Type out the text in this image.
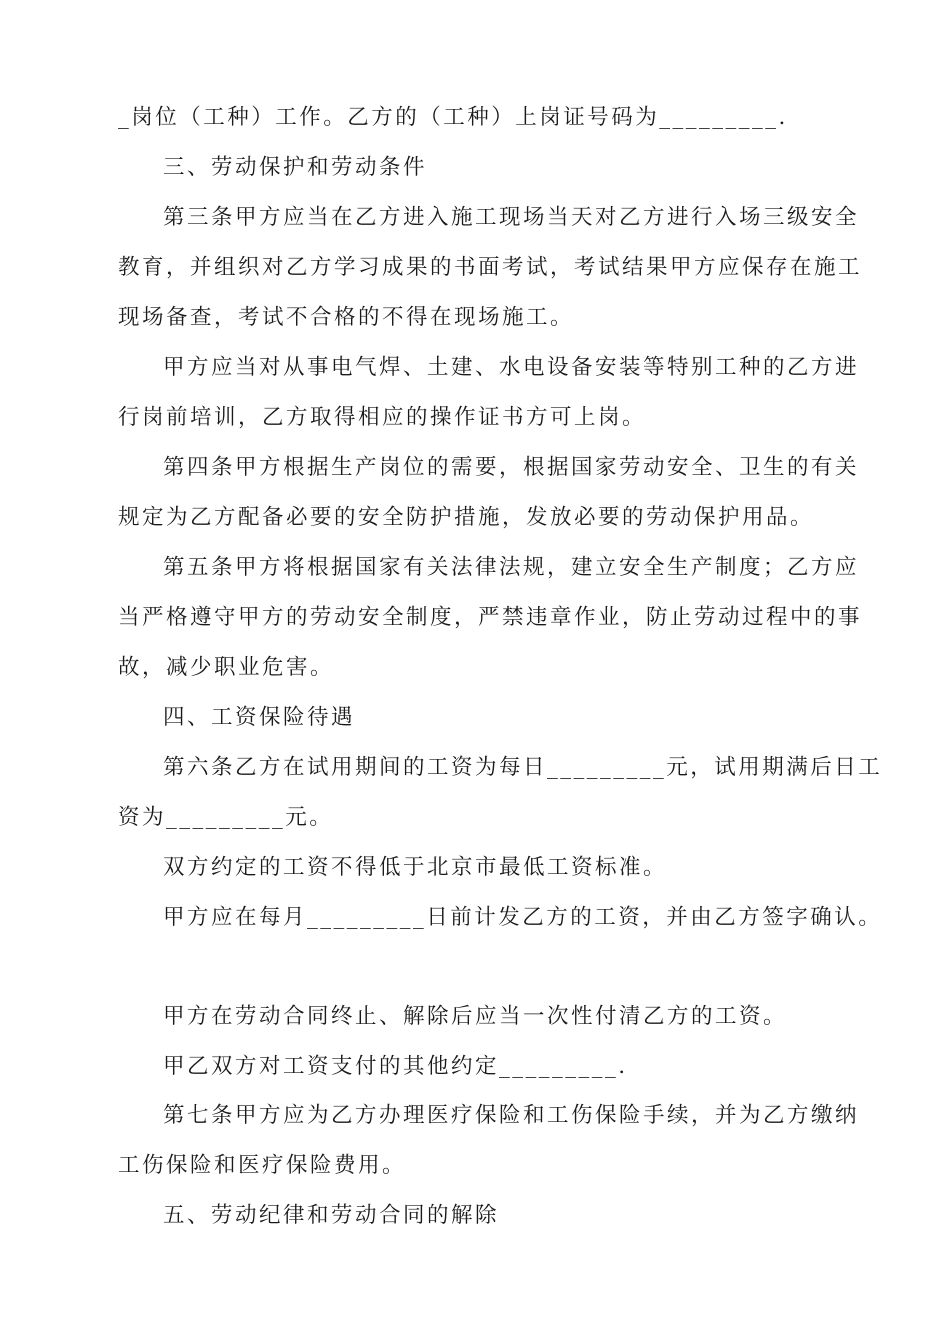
_岗位（工种）工作。乙方的（工种）上岗证号码为_________.
三、劳动保护和劳动条件
第三条甲方应当在乙方进入施工现场当天对乙方进行入场三级安全
教育，并组织对乙方学习成果的书面考试，考试结果甲方应保存在施工
现场备查，考试不合格的不得在现场施工。
甲方应当对从事电气焊、土建、水电设备安装等特别工种的乙方进
行岗前培训，乙方取得相应的操作证书方可上岗。
第四条甲方根据生产岗位的需要，根据国家劳动安全、卫生的有关
规定为乙方配备必要的安全防护措施，发放必要的劳动保护用品。
第五条甲方将根据国家有关法律法规，建立安全生产制度；乙方应
当严格遵守甲方的劳动安全制度，严禁违章作业，防止劳动过程中的事
故，减少职业危害。
四、工资保险待遇
第六条乙方在试用期间的工资为每日_________元，试用期满后日工
资为_________元。
双方约定的工资不得低于北京市最低工资标准。
甲方应在每月_________日前计发乙方的工资，并由乙方签字确认。
甲方在劳动合同终止、解除后应当一次性付清乙方的工资。
甲乙双方对工资支付的其他约定_________.
第七条甲方应为乙方办理医疗保险和工伤保险手续，并为乙方缴纳
工伤保险和医疗保险费用。
五、劳动纪律和劳动合同的解除
